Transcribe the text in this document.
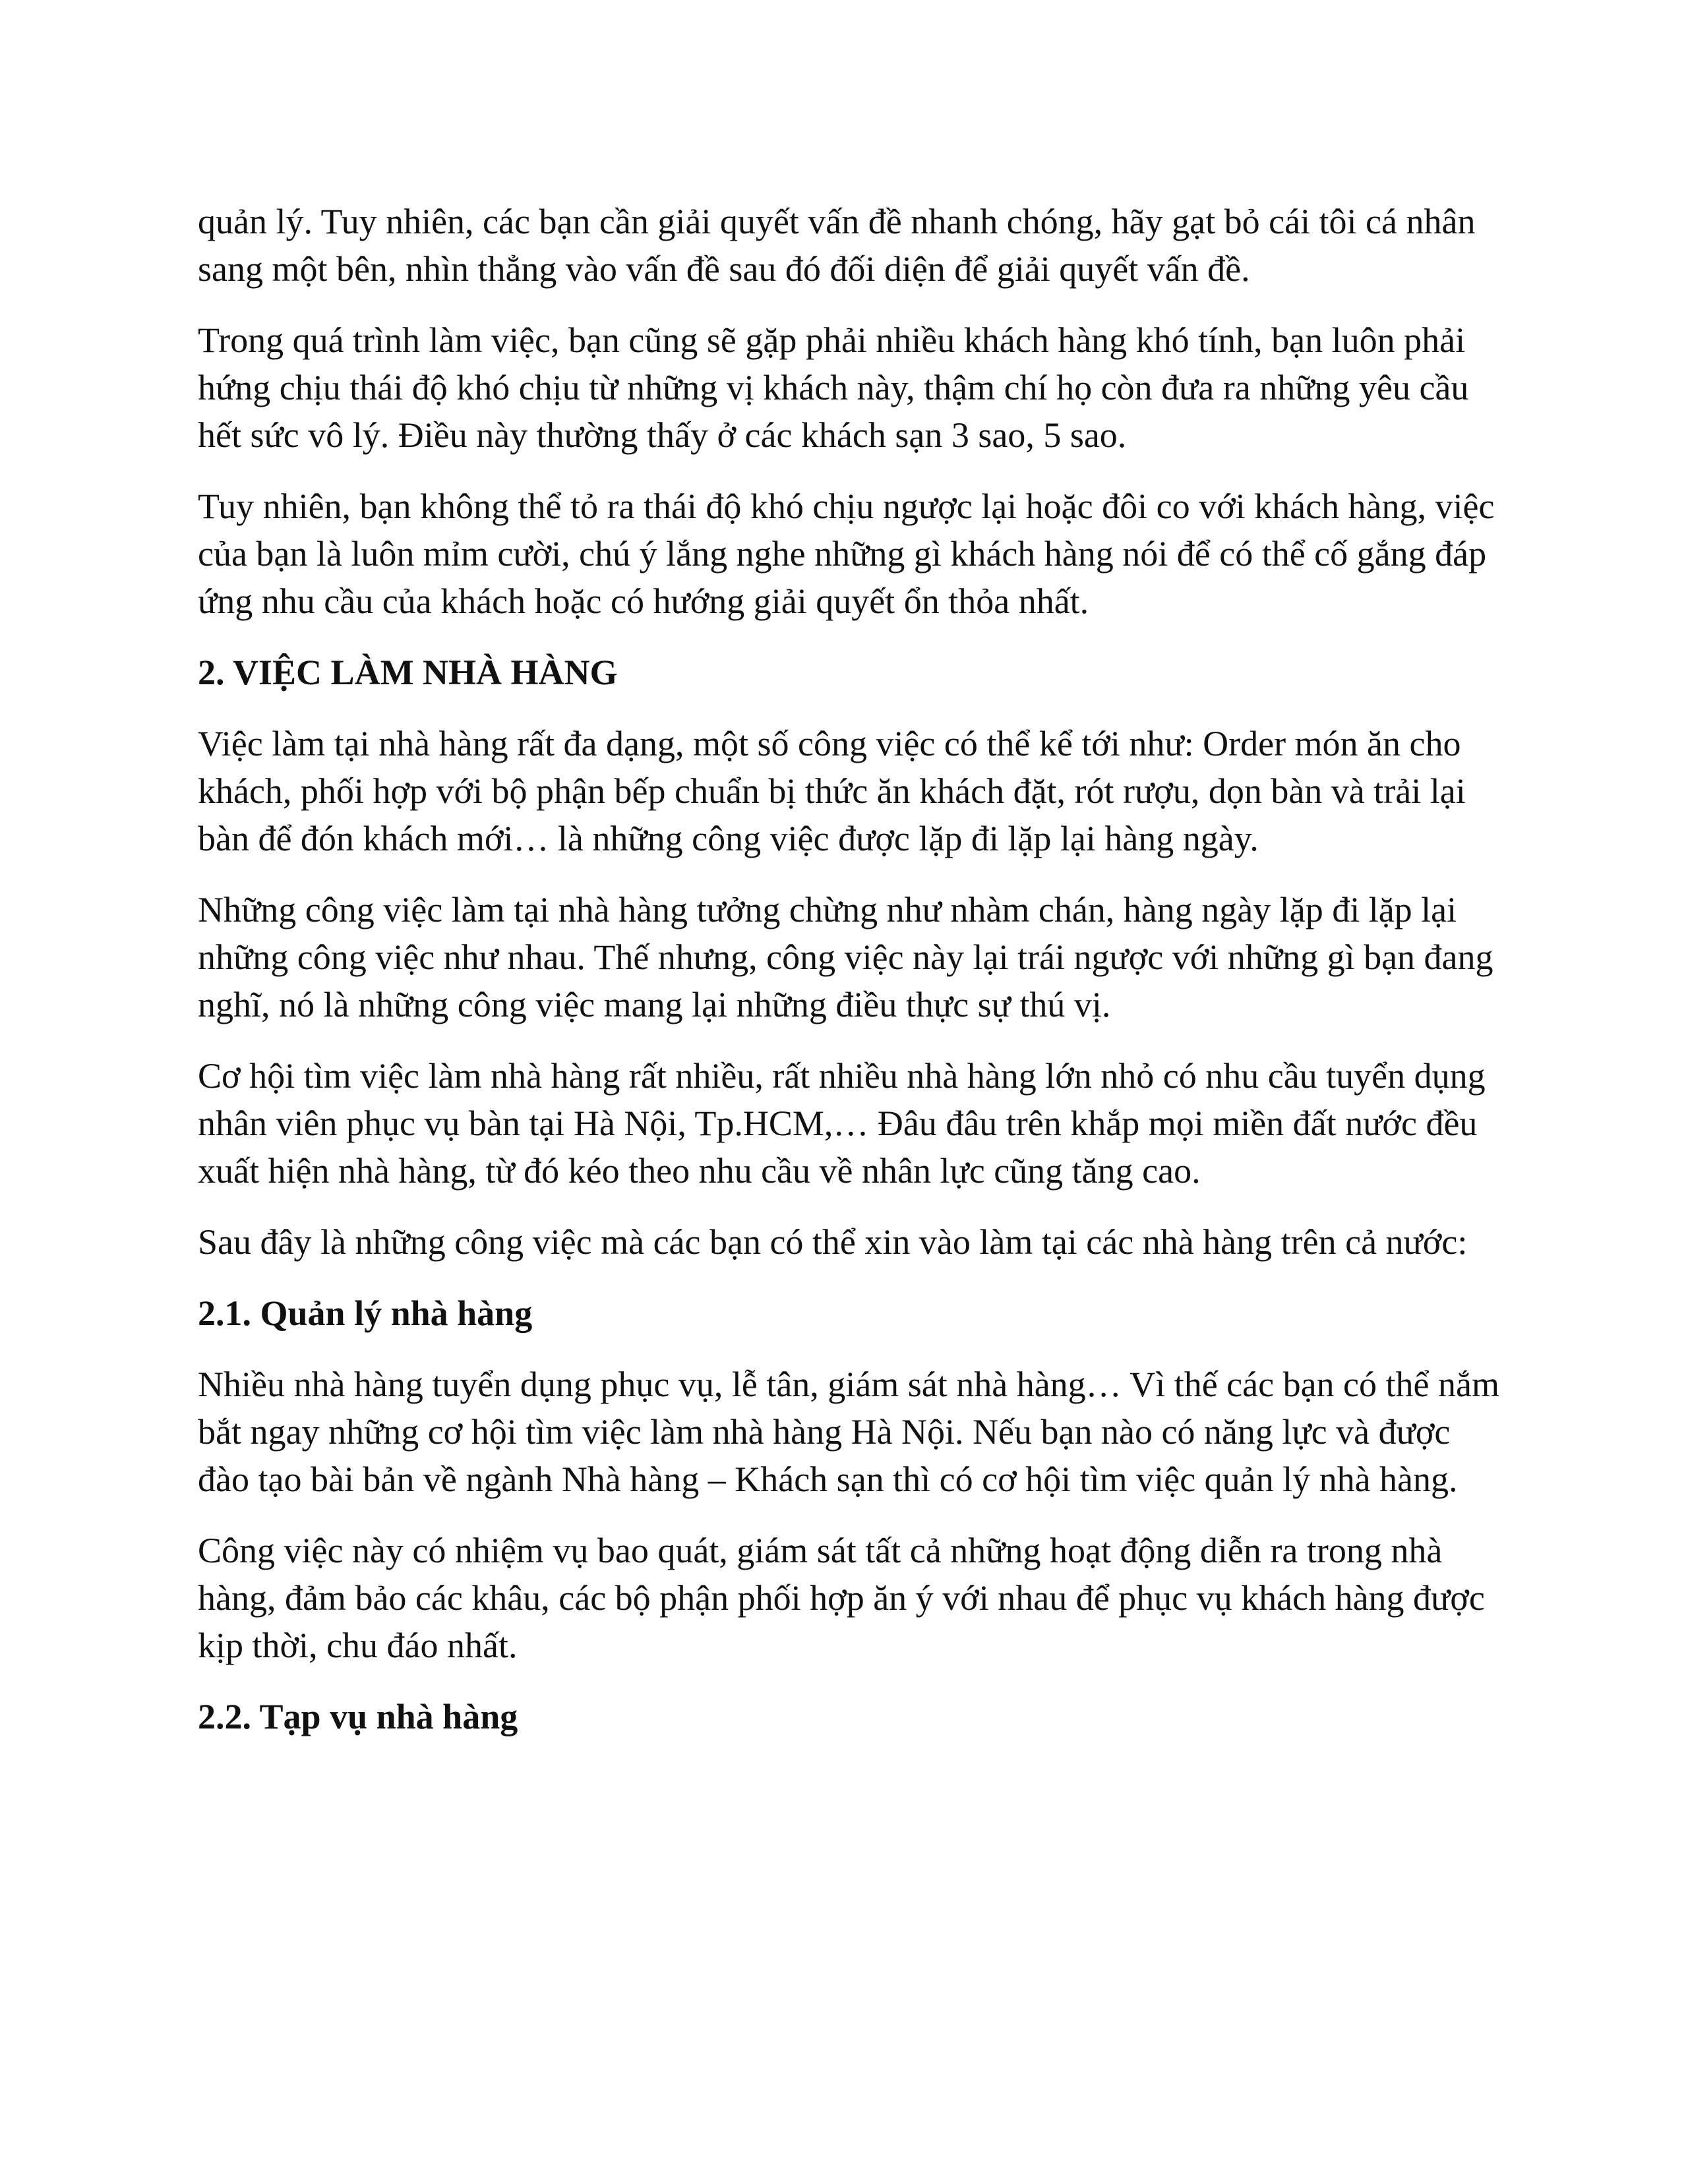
quản lý. Tuy nhiên, các bạn cần giải quyết vấn đề nhanh chóng, hãy gạt bỏ cái tôi cá nhân sang một bên, nhìn thẳng vào vấn đề sau đó đối diện để giải quyết vấn đề.

Trong quá trình làm việc, bạn cũng sẽ gặp phải nhiều khách hàng khó tính, bạn luôn phải hứng chịu thái độ khó chịu từ những vị khách này, thậm chí họ còn đưa ra những yêu cầu hết sức vô lý. Điều này thường thấy ở các khách sạn 3 sao, 5 sao.

Tuy nhiên, bạn không thể tỏ ra thái độ khó chịu ngược lại hoặc đôi co với khách hàng, việc của bạn là luôn mỉm cười, chú ý lắng nghe những gì khách hàng nói để có thể cố gắng đáp ứng nhu cầu của khách hoặc có hướng giải quyết ổn thỏa nhất.

2. VIỆC LÀM NHÀ HÀNG

Việc làm tại nhà hàng rất đa dạng, một số công việc có thể kể tới như: Order món ăn cho khách, phối hợp với bộ phận bếp chuẩn bị thức ăn khách đặt, rót rượu, dọn bàn và trải lại bàn để đón khách mới… là những công việc được lặp đi lặp lại hàng ngày.

Những công việc làm tại nhà hàng tưởng chừng như nhàm chán, hàng ngày lặp đi lặp lại những công việc như nhau. Thế nhưng, công việc này lại trái ngược với những gì bạn đang nghĩ, nó là những công việc mang lại những điều thực sự thú vị.

Cơ hội tìm việc làm nhà hàng rất nhiều, rất nhiều nhà hàng lớn nhỏ có nhu cầu tuyển dụng nhân viên phục vụ bàn tại Hà Nội, Tp.HCM,… Đâu đâu trên khắp mọi miền đất nước đều xuất hiện nhà hàng, từ đó kéo theo nhu cầu về nhân lực cũng tăng cao.

Sau đây là những công việc mà các bạn có thể xin vào làm tại các nhà hàng trên cả nước:

2.1. Quản lý nhà hàng

Nhiều nhà hàng tuyển dụng phục vụ, lễ tân, giám sát nhà hàng… Vì thế các bạn có thể nắm bắt ngay những cơ hội tìm việc làm nhà hàng Hà Nội. Nếu bạn nào có năng lực và được đào tạo bài bản về ngành Nhà hàng – Khách sạn thì có cơ hội tìm việc quản lý nhà hàng.

Công việc này có nhiệm vụ bao quát, giám sát tất cả những hoạt động diễn ra trong nhà hàng, đảm bảo các khâu, các bộ phận phối hợp ăn ý với nhau để phục vụ khách hàng được kịp thời, chu đáo nhất.

2.2. Tạp vụ nhà hàng
